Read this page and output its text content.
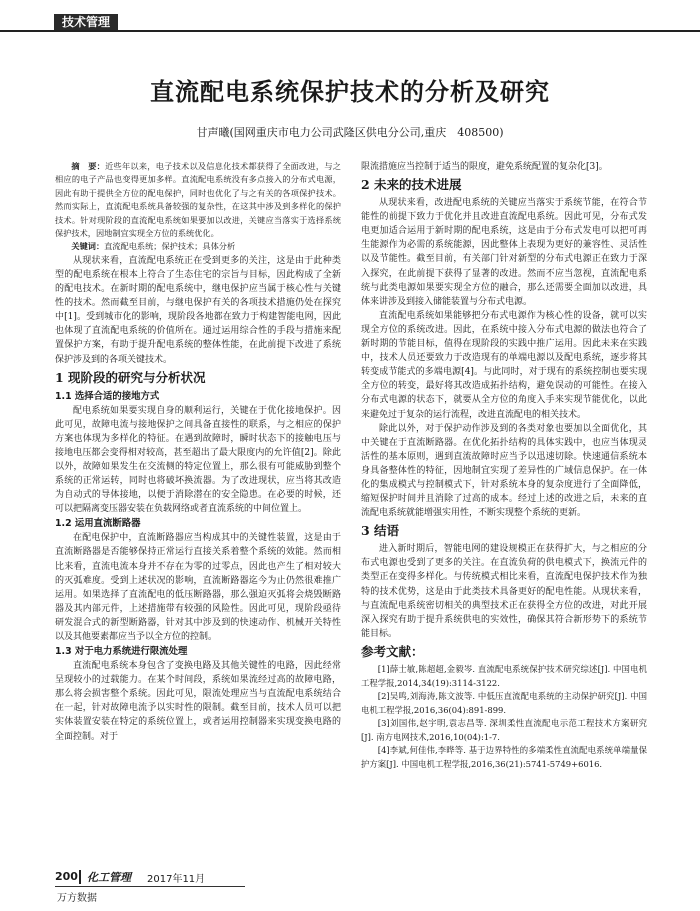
技术管理
直流配电系统保护技术的分析及研究
甘声曦(国网重庆市电力公司武隆区供电分公司,重庆　408500)

摘　要：近些年以来，电子技术以及信息化技术都获得了全面改进，与之相应的电子产品也变得更加多样。直流配电系统没有多点接入的分布式电源，因此有助于提供全方位的配电保护，同时也优化了与之有关的各项保护技术。然而实际上，直流配电系统具备较强的复杂性，在这其中涉及到多样化的保护技术。针对现阶段的直流配电系统如果要加以改进，关键应当落实于选择系统保护技术，因地制宜实现全方位的系统优化。

关键词：直流配电系统；保护技术；具体分析

从现状来看，直流配电系统正在受到更多的关注，这是由于此种类型的配电系统在根本上符合了生态住宅的宗旨与目标，因此构成了全新的配电技术。在新时期的配电系统中，继电保护应当属于核心性与关键性的技术。然而截至目前，与继电保护有关的各项技术措施仍处在探究中[1]。受到城市化的影响，现阶段各地都在致力于构建智能电网，因此也体现了直流配电系统的价值所在。通过运用综合性的手段与措施来配置保护方案，有助于提升配电系统的整体性能，在此前提下改进了系统保护涉及到的各项关键技术。

1 现阶段的研究与分析状况
1.1 选择合适的接地方式

配电系统如果要实现自身的顺利运行，关键在于优化接地保护。因此可见，故障电流与接地保护之间具备直接性的联系，与之相应的保护方案也体现为多样化的特征。在遇到故障时，瞬时状态下的接触电压与接地电压都会变得相对较高，甚至超出了最大限度内的允许值[2]。除此以外，故障如果发生在交流侧的特定位置上，那么很有可能威胁到整个系统的正常运转，同时也将破坏换流器。为了改进现状，应当将其改造为自动式的导体接地，以便于消除潜在的安全隐患。在必要的时候，还可以把隔离变压器安装在负载网络或者直流系统的中间位置上。

1.2 运用直流断路器

在配电保护中，直流断路器应当构成其中的关键性装置，这是由于直流断路器是否能够保持正常运行直接关系着整个系统的效能。然而相比来看，直流电流本身并不存在为零的过零点，因此也产生了相对较大的灭弧难度。受到上述状况的影响，直流断路器迄今为止仍然很难推广运用。如果选择了直流配电的低压断路器，那么强迫灭弧将会烧毁断路器及其内部元件，上述措施带有较强的风险性。因此可见，现阶段亟待研发混合式的新型断路器，针对其中涉及到的快速动作、机械开关特性以及其他要素都应当予以全方位的控制。

1.3 对于电力系统进行限流处理

直流配电系统本身包含了变换电路及其他关键性的电路，因此经常呈现较小的过载能力。在某个时间段，系统如果流经过高的故障电路，那么将会损害整个系统。因此可见，限流处理应当与直流配电系统结合在一起，针对故障电流予以实时性的限制。截至目前，技术人员可以把实体装置安装在特定的系统位置上，或者运用控制器来实现变换电路的全面控制。对于

限流措施应当控制于适当的限度，避免系统配置的复杂化[3]。

2 未来的技术进展

从现状来看，改进配电系统的关键应当落实于系统节能，在符合节能性的前提下致力于优化并且改进直流配电系统。因此可见，分布式发电更加适合运用于新时期的配电系统，这是由于分布式发电可以把可再生能源作为必需的系统能源，因此整体上表现为更好的兼容性、灵活性以及节能性。截至目前，有关部门针对新型的分布式电源正在致力于深入探究，在此前提下获得了显著的改进。然而不应当忽视，直流配电系统与此类电源如果要实现全方位的融合，那么还需要全面加以改进，具体来讲涉及到接入储能装置与分布式电源。

直流配电系统如果能够把分布式电源作为核心性的设备，就可以实现全方位的系统改进。因此，在系统中接入分布式电源的做法也符合了新时期的节能目标，值得在现阶段的实践中推广运用。因此未来在实践中，技术人员还要致力于改造现有的单端电源以及配电系统，逐步将其转变成节能式的多端电源[4]。与此同时，对于现有的系统控制也要实现全方位的转变，最好将其改造成拓扑结构，避免误动的可能性。在接入分布式电源的状态下，就要从全方位的角度入手来实现节能优化，以此来避免过于复杂的运行流程，改进直流配电的相关技术。

除此以外，对于保护动作涉及到的各类对象也要加以全面优化，其中关键在于直流断路器。在优化拓扑结构的具体实践中，也应当体现灵活性的基本原则，遇到直流故障时应当予以迅速切除。快速通信系统本身具备整体性的特征，因地制宜实现了差异性的广域信息保护。在一体化的集成模式与控制模式下，针对系统本身的复杂度进行了全面降低，缩短保护时间并且消除了过高的成本。经过上述的改进之后，未来的直流配电系统就能增强实用性，不断实现整个系统的更新。

3 结语

进入新时期后，智能电网的建设规模正在获得扩大，与之相应的分布式电源也受到了更多的关注。在直流负荷的供电模式下，换流元件的类型正在变得多样化。与传统模式相比来看，直流配电保护技术作为独特的技术优势，这是由于此类技术具备更好的配电性能。从现状来看，与直流配电系统密切相关的典型技术正在获得全方位的改进，对此开展深入探究有助于提升系统供电的实效性，确保其符合新形势下的系统节能目标。

参考文献：

[1]薛士敏,陈超超,金毅岑. 直流配电系统保护技术研究综述[J]. 中国电机工程学报,2014,34(19):3114-3122.

[2]吴鸣,刘海涛,陈文波等. 中低压直流配电系统的主动保护研究[J]. 中国电机工程学报,2016,36(04):891-899.

[3]刘国伟,赵宇明,袁志昌等. 深圳柔性直流配电示范工程技术方案研究[J]. 南方电网技术,2016,10(04):1-7.

[4]李斌,何佳伟,李晔等. 基于边界特性的多端柔性直流配电系统单端量保护方案[J]. 中国电机工程学报,2016,36(21):5741-5749+6016.

200 化工管理 2017年11月
万方数据
